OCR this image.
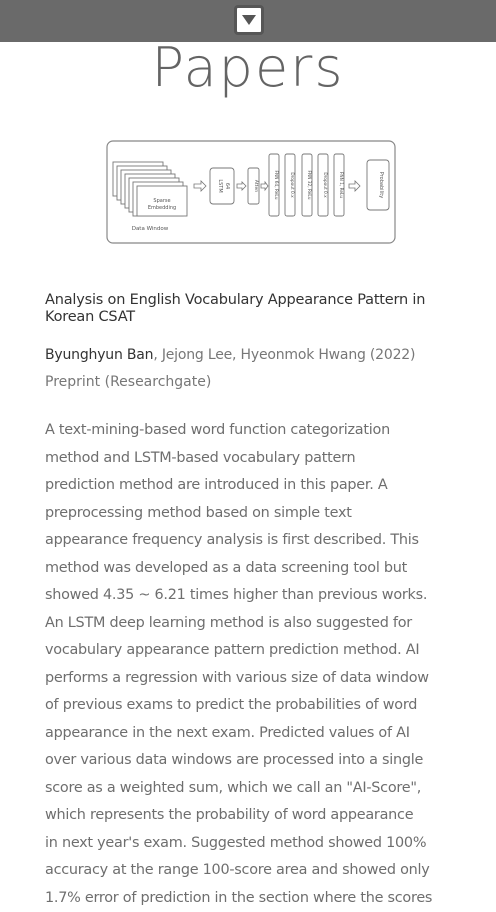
Papers
Sparse
Embedding
Data Window
LSTM 64	Atten	FNN 64, ReLu	Dropout 0.x	FNN 32, ReLu	Dropout 0.x	FNN 1, ReLu	Probability
Analysis on English Vocabulary Appearance Pattern in Korean CSAT
Byunghyun Ban, Jejong Lee, Hyeonmok Hwang (2022)
Preprint (Researchgate)
A text-mining-based word function categorization
method and LSTM-based vocabulary pattern
prediction method are introduced in this paper. A
preprocessing method based on simple text
appearance frequency analysis is first described. This
method was developed as a data screening tool but
showed 4.35 ~ 6.21 times higher than previous works.
An LSTM deep learning method is also suggested for
vocabulary appearance pattern prediction method. AI
performs a regression with various size of data window
of previous exams to predict the probabilities of word
appearance in the next exam. Predicted values of AI
over various data windows are processed into a single
score as a weighted sum, which we call an "AI-Score",
which represents the probability of word appearance
in next year's exam. Suggested method showed 100%
accuracy at the range 100-score area and showed only
1.7% error of prediction in the section where the scores
